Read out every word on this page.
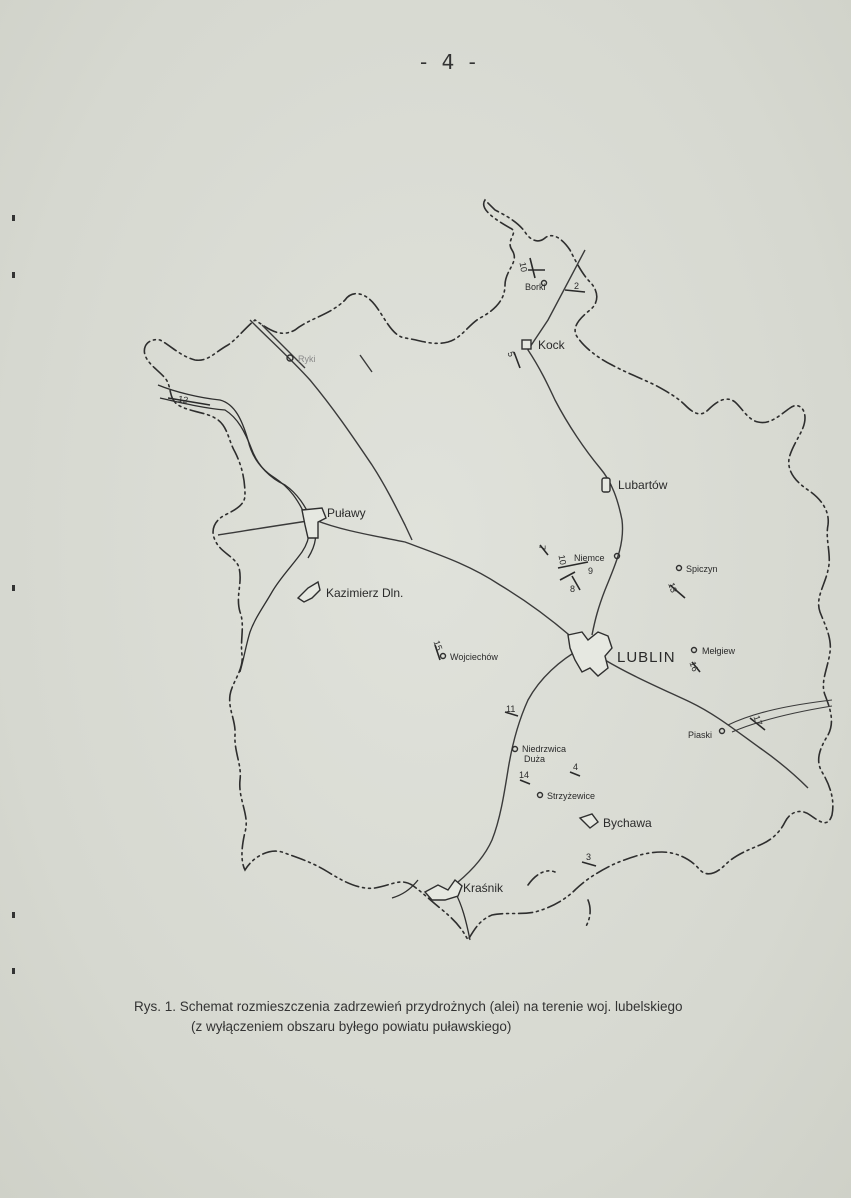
- 4 -
10
2
5
12
7
10
9
8	13
15
16
11
17
14
4
3
Borki
Kock
Ryki
Puławy
Kazimierz Dln.
Lubartów
Niemce
Spiczyn
LUBLIN	Mełgiew
Wojciechów
Piaski
Niedrzwica
Duża
Strzyżewice
Bychawa
Kraśnik
Rys. 1. Schemat rozmieszczenia zadrzewień przydrożnych (alei) na terenie woj. lubelskiego
(z wyłączeniem obszaru byłego powiatu puławskiego)
